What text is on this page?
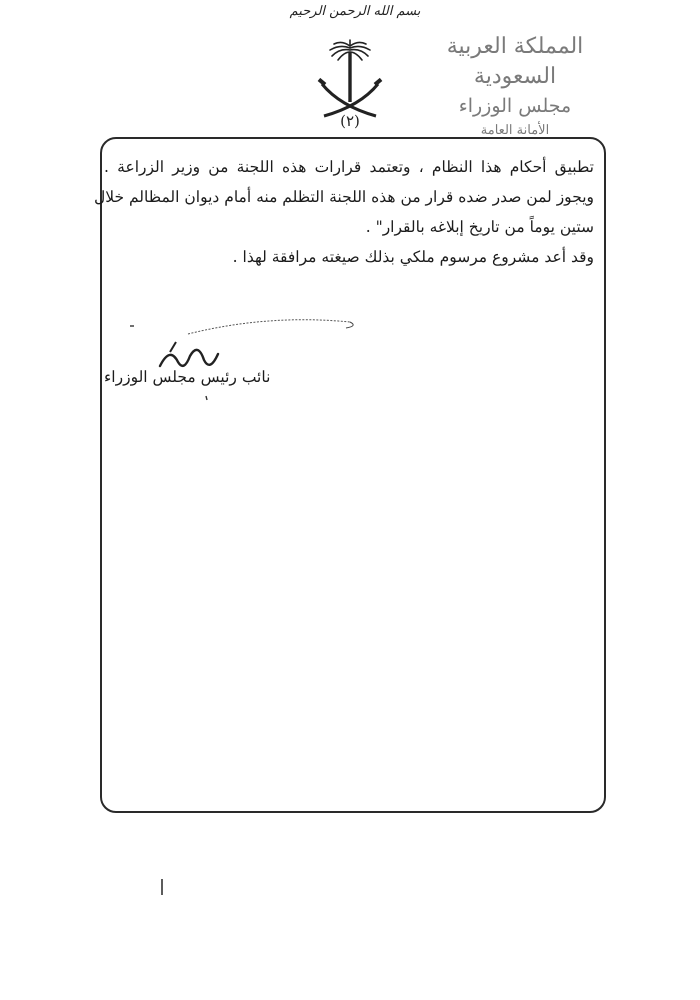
بسم الله الرحمن الرحيم
(٢)
المملكة العربية السعودية
مجلس الوزراء
الأمانة العامة

تطبيق أحكام هذا النظام ، وتعتمد قرارات هذه اللجنة من وزير الزراعة .

ويجوز لمن صدر ضده قرار من هذه اللجنة التظلم منه أمام ديوان المظالم خلال

ستين يوماً من تاريخ إبلاغه بالقرار" .

وقد أعد مشروع مرسوم ملكي بذلك صيغته مرافقة لهذا .

نائب رئيس مجلس الوزراء
